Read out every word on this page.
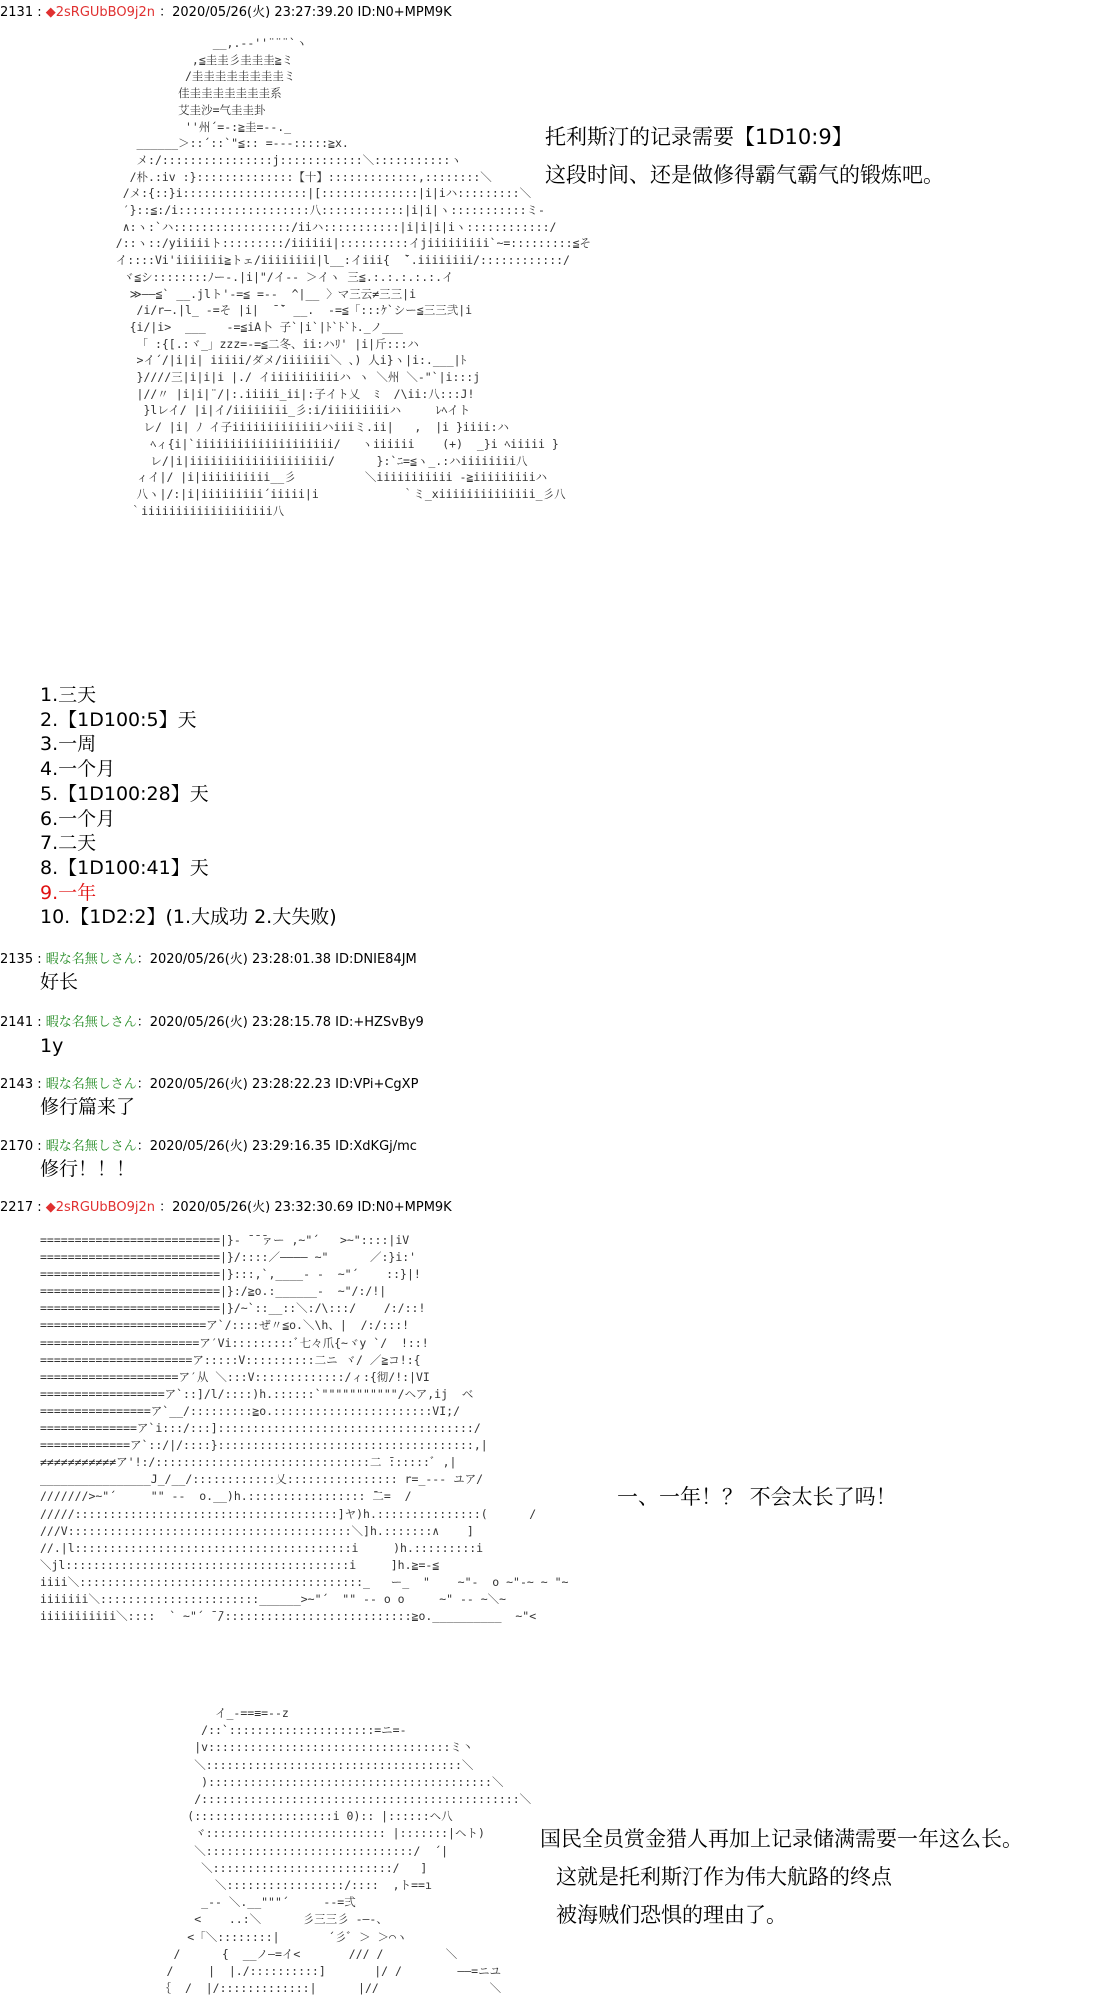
2131 : ◆2sRGUbBO9j2n ：2020/05/26(火) 23:27:39.20 ID:N0+MPM9K
__,.-‐''¨¨¨`ヽ
,≦圭圭彡圭圭圭≧ミ
/圭圭圭圭圭圭圭圭ミ
佳圭圭圭圭圭圭圭系
艾圭沙=气圭圭卦
''州´=-:≧圭=--._
______＞::´::`"≦:: =---:::::≧x.
メ:/::::::::::::::::j::::::::::::＼:::::::::::ヽ
/朴.:iv :}::::::::::::::【十】:::::::::::::,::::::::＼
/メ:{::}i::::::::::::::::::|[::::::::::::::|i|iハ:::::::::＼
′}::≦:/i:::::::::::::::::::八::::::::::::|i|i|ヽ:::::::::::ミ-
∧:ヽ:`ハ:::::::::::::::::/iiハ:::::::::::|i|i|i|iヽ::::::::::::/
/::ヽ::/yiiiiiト:::::::::/iiiiii|::::::::::イjiiiiiiiii`~=:::::::::≦そ
イ::::Vi'iiiiiii≧トェ/iiiiiiii|l__:イiii{  ̄`.iiiiiiii/::::::::::::/
ヾ≦シ::::::::ﾉー‐.|i|"/イ-- ＞イヽ 三≦.:.:.:.:.:.イ
≫――≦` __.jlト'-=≦ =-‐  ^|__ 〉マ三云≠三三|i
/i/r―.|l_ ‐=そ |i|  ̄ ̄` __.  -=≦「:::ｹ`シー≦三三弐|i
{i/|i>  ___   -=≦iA卜 子`|i`|ﾄ`ﾄ`ﾄ._ノ___
「 :{[.:ヾ_」zzz=-=≦二冬、ii:ハﾘ' |i|斤:::ハ
>イ´/|i|i| iiiii/ダメ/iiiiiii＼ 、) 人i}ヽ|i:.___|ﾄ
}////三|i|i|i |./ イiiiiiiiiiiハ ヽ ＼州 ＼-"`|i:::j
|//〃 |i|i|¨/|:.iiiii_ii|:子イト乂  ﾐ  /\ii:八:::J!
}lレイ/ |i|イ/iiiiiiii_彡:i/iiiiiiiiiハ     ﾚﾍイト
レ/ |i| ﾉ イ子iiiiiiiiiiiiiハiiiミ.ii|   ,  |i }iiii:ハ
ﾍィ{i|`iiiiiiiiiiiiiiiiiiii/   ヽiiiiii    (+)  _}i ﾍiiiii }
レ/|i|iiiiiiiiiiiiiiiiiiii/      }:`ﾆ=≦ヽ_.:ハiiiiiiii八
ィイ|/ |i|iiiiiiiiii__彡          ＼iiiiiiiiiii ‐≧iiiiiiiiiハ
八ヽ|/:|i|iiiiiiiii´iiiii|i            ｀ミ_xiiiiiiiiiiiiii_彡八
｀iiiiiiiiiiiiiiiiiii八

托利斯汀的记录需要【1D10:9】
这段时间、还是做修得霸气霸气的锻炼吧。
1.三天
2.【1D100:5】天
3.一周
4.一个月
5.【1D100:28】天
6.一个月
7.二天
8.【1D100:41】天
9.一年
10.【1D2:2】(1.大成功 2.大失败)
2135 : 暇な名無しさん：2020/05/26(火) 23:28:01.38 ID:DNIE84JM
好长
2141 : 暇な名無しさん：2020/05/26(火) 23:28:15.78 ID:+HZSvBy9
1y
2143 : 暇な名無しさん：2020/05/26(火) 23:28:22.23 ID:VPi+CgXP
修行篇来了
2170 : 暇な名無しさん：2020/05/26(火) 23:29:16.35 ID:XdKGj/mc
修行！！！
2217 : ◆2sRGUbBO9j2n ：2020/05/26(火) 23:32:30.69 ID:N0+MPM9K
==========================|}- ̄ ̄ ̄ァー ,~"´   >~"::::|iV
==========================|}/::::／―――― ~"      ／:}i:'
==========================|}:::,`,____- -  ~"´    ::}|!
==========================|}:/≧o.:______-  ~"/:/!|
==========================|}/~`::__::＼:/\:::/    /:/::!
========================ア`/::::ぜ〃≦o.＼\h、|  /:/:::!
=======================ア′Vi:::::::::ﾞ七々爪{~ヾy `/  !::!
======================ア:::::V::::::::::二ニ ヾ/ ／≧コ!:{
====================ア′从 ＼:::V:::::::::::::/ィ:{彻/!:|VI
==================ア`::]/l/::::)h.::::::`"""""""""""/ヘア,ij  ベ
================ア`__/:::::::::≧o.:::::::::::::::::::::::VI;/
==============ア`i:::/:::]:::::::::::::::::::::::::::::::::::::/
=============ア`::/|/::::}:::::::::::::::::::::::::::::::::::::,|
≠≠≠≠≠≠≠≠≠≠≠ア'!:/:::::::::::::::::::::::::::::::二 ̄::::::ﾞ ,|
________________J_/__/::::::::::::乂:::::::::::::::: r=_--- ユア/
///////>~"´     "" --  o.__)h.::::::::::::::::: ̄二=  /
/////::::::::::::::::::::::::::::::::::::::]ヤ)h.:::::::::::::::(      /
///V:::::::::::::::::::::::::::::::::::::::::＼]h.:::::::∧    ]
//.|l::::::::::::::::::::::::::::::::::::::::i     )h.:::::::::i
＼jl:::::::::::::::::::::::::::::::::::::::::i     ]h.≧=-≦
iiii＼:::::::::::::::::::::::::::::::::::::::::_   ー_  "    ~"-  o ~"-~ ~ "~
iiiiiii＼:::::::::::::::::::::::______>~"´  "" -- o o     ~" -- ~＼~
iiiiiiiiiii＼::::  ` ~"´ ̄ ̄/:::::::::::::::::::::::::::≧o.__________  ~"<

一、一年！？ 不会太长了吗！
イ_-==≡=--z
/::`:::::::::::::::::::::=ニ=-
|v:::::::::::::::::::::::::::::::::::ミ丶
＼:::::::::::::::::::::::::::::::::::::＼
):::::::::::::::::::::::::::::::::::::::::＼
/::::::::::::::::::::::::::::::::::::::::::::::＼
(::::::::::::::::::::i 0):: |::::::ヘ八
ヾ:::::::::::::::::::::::::: |:::::::|ヘト)
＼::::::::::::::::::::::::::::::/  ´|
＼::::::::::::::::::::::::::/   ]
＼:::::::::::::::::/::::  ,ト==ı
_-- ＼.__"""´     --=弍
<    ..:＼      彡三三彡 -―-、
<「＼::::::::|       ´彡ﾞ ＞ ＞⌒ヽ
/      {  __ノ―=イ<       /// /         ＼
/     |  |./::::::::::]       |/ /        ――=ニユ
｛  /  |/:::::::::::::|      |//                ＼

国民全员赏金猎人再加上记录储满需要一年这么长。
这就是托利斯汀作为伟大航路的终点
被海贼们恐惧的理由了。
